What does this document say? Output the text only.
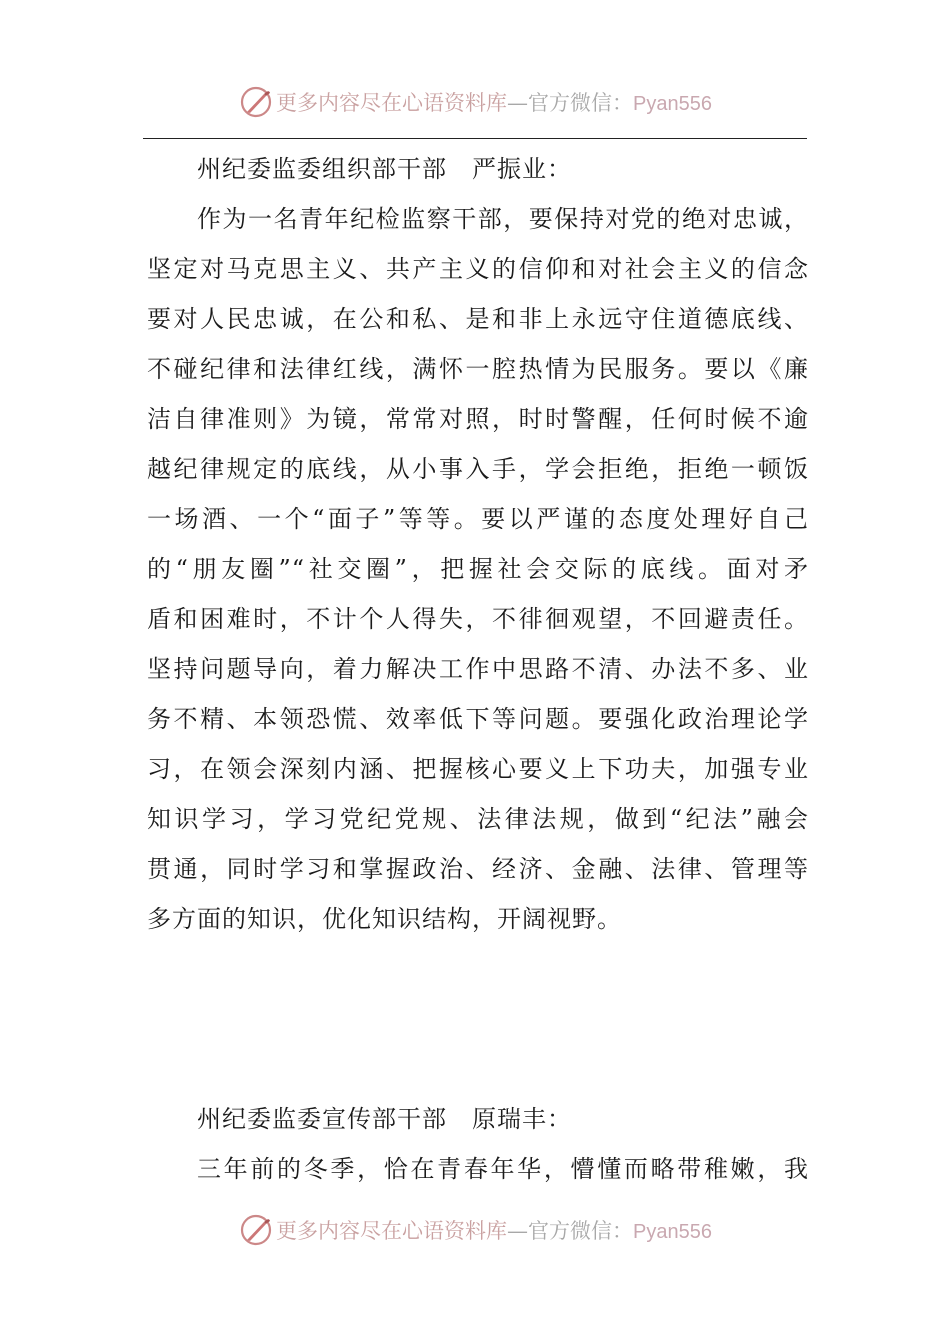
更多内容尽在心语资料库—官方微信：Pyan556
州纪委监委组织部干部　严振业：
作为一名青年纪检监察干部，要保持对党的绝对忠诚，
坚定对马克思主义、共产主义的信仰和对社会主义的信念
要对人民忠诚，在公和私、是和非上永远守住道德底线、
不碰纪律和法律红线，满怀一腔热情为民服务。要以《廉
洁自律准则》为镜，常常对照，时时警醒，任何时候不逾
越纪律规定的底线，从小事入手，学会拒绝，拒绝一顿饭
一场酒、一个“面子”等等。要以严谨的态度处理好自己
的“朋友圈”“社交圈”，把握社会交际的底线。面对矛
盾和困难时，不计个人得失，不徘徊观望，不回避责任。
坚持问题导向，着力解决工作中思路不清、办法不多、业
务不精、本领恐慌、效率低下等问题。要强化政治理论学
习，在领会深刻内涵、把握核心要义上下功夫，加强专业
知识学习，学习党纪党规、法律法规，做到“纪法”融会
贯通，同时学习和掌握政治、经济、金融、法律、管理等
多方面的知识，优化知识结构，开阔视野。
州纪委监委宣传部干部　原瑞丰：
三年前的冬季，恰在青春年华，懵懂而略带稚嫩，我
更多内容尽在心语资料库—官方微信：Pyan556
